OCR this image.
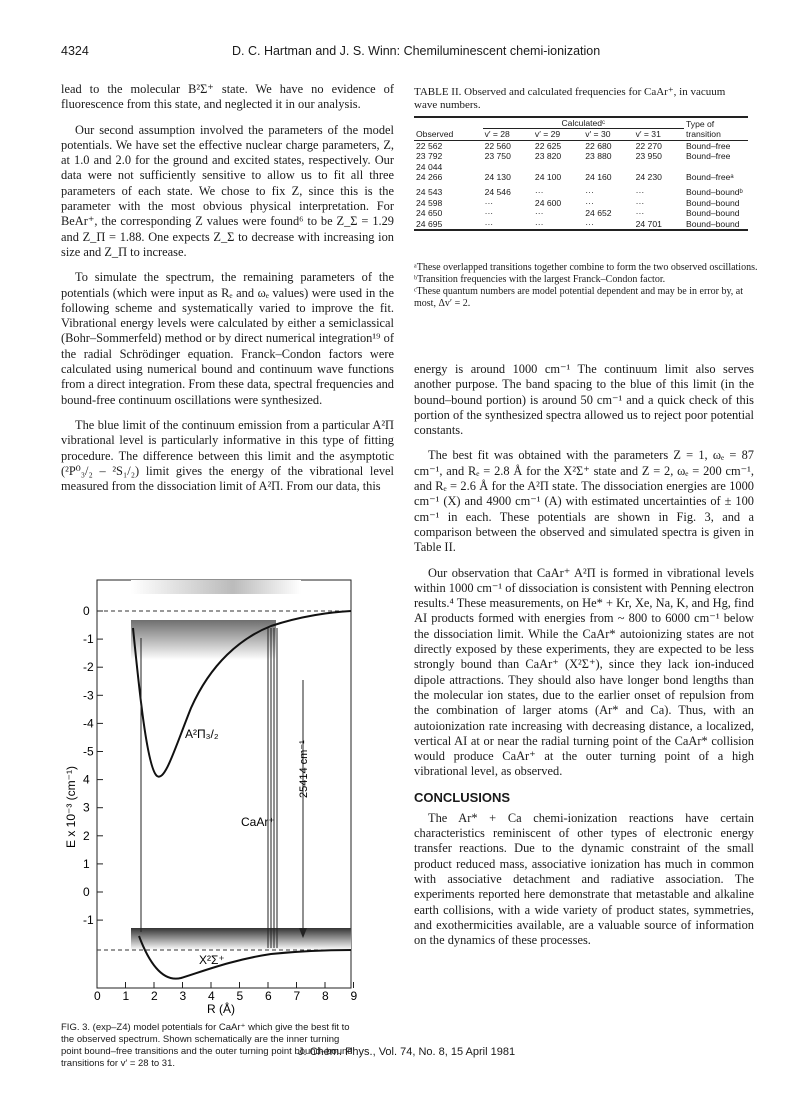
4324	D. C. Hartman and J. S. Winn: Chemiluminescent chemi-ionization

lead to the molecular B²Σ⁺ state. We have no evidence of fluorescence from this state, and neglected it in our analysis.

Our second assumption involved the parameters of the model potentials. We have set the effective nuclear charge parameters, Z, at 1.0 and 2.0 for the ground and excited states, respectively. Our data were not sufficiently sensitive to allow us to fit all three parameters of each state. We chose to fix Z, since this is the parameter with the most obvious physical interpretation. For BeAr⁺, the corresponding Z values were found⁶ to be Z_Σ = 1.29 and Z_Π = 1.88. One expects Z_Σ to decrease with increasing ion size and Z_Π to increase.

To simulate the spectrum, the remaining parameters of the potentials (which were input as Rₑ and ωₑ values) were used in the following scheme and systematically varied to improve the fit. Vibrational energy levels were calculated by either a semiclassical (Bohr–Sommerfeld) method or by direct numerical integration¹⁹ of the radial Schrödinger equation. Franck–Condon factors were calculated using numerical bound and continuum wave functions from a direct integration. From these data, spectral frequencies and bound-free continuum oscillations were synthesized.

The blue limit of the continuum emission from a particular A²Π vibrational level is particularly informative in this type of fitting procedure. The difference between this limit and the asymptotic (²P⁰₃/₂ – ²S₁/₂) limit gives the energy of the vibrational level measured from the dissociation limit of A²Π. From our data, this

TABLE II. Observed and calculated frequencies for CaAr⁺, in vacuum wave numbers.
Observed	Calculatedᶜ				Type of transition
	v′ = 28	v′ = 29	v′ = 30	v′ = 31	
22 562	22 560	22 625	22 680	22 270	Bound–free
23 792	23 750	23 820	23 880	23 950	Bound–free
24 044					
24 266	24 130	24 100	24 160	24 230	Bound–freeᵃ
24 543	24 546	···	···	···	Bound–boundᵇ
24 598	···	24 600	···	···	Bound–bound
24 650	···	···	24 652	···	Bound–bound
24 695	···	···	···	24 701	Bound–bound

ᵃThese overlapped transitions together combine to form the two observed oscillations.
ᵇTransition frequencies with the largest Franck–Condon factor.
ᶜThese quantum numbers are model potential dependent and may be in error by, at most, Δv′ = 2.

energy is around 1000 cm⁻¹ The continuum limit also serves another purpose. The band spacing to the blue of this limit (in the bound–bound portion) is around 50 cm⁻¹ and a quick check of this portion of the synthesized spectra allowed us to reject poor potential constants.

The best fit was obtained with the parameters Z = 1, ωₑ = 87 cm⁻¹, and Rₑ = 2.8 Å for the X²Σ⁺ state and Z = 2, ωₑ = 200 cm⁻¹, and Rₑ = 2.6 Å for the A²Π state. The dissociation energies are 1000 cm⁻¹ (X) and 4900 cm⁻¹ (A) with estimated uncertainties of ± 100 cm⁻¹ in each. These potentials are shown in Fig. 3, and a comparison between the observed and simulated spectra is given in Table II.

Our observation that CaAr⁺ A²Π is formed in vibrational levels within 1000 cm⁻¹ of dissociation is consistent with Penning electron results.⁴ These measurements, on He* + Kr, Xe, Na, K, and Hg, find AI products formed with energies from ~ 800 to 6000 cm⁻¹ below the dissociation limit. While the CaAr* autoionizing states are not directly exposed by these experiments, they are expected to be less strongly bound than CaAr⁺ (X²Σ⁺), since they lack ion-induced dipole attractions. They should also have longer bond lengths than the molecular ion states, due to the earlier onset of repulsion from the combination of larger atoms (Ar* and Ca). Thus, with an autoionization rate increasing with decreasing distance, a localized, vertical AI at or near the radial turning point of the CaAr* collision would produce CaAr⁺ at the outer turning point of a high vibrational level, as observed.

CONCLUSIONS

The Ar* + Ca chemi-ionization reactions have certain characteristics reminiscent of other types of electronic energy transfer reactions. Due to the dynamic constraint of the small product reduced mass, associative ionization has much in common with associative detachment and radiative association. The experiments reported here demonstrate that metastable and alkaline earth collisions, with a wide variety of product states, symmetries, and exothermicities available, are a valuable source of information on the dynamics of these processes.

A²Π₃/₂
X²Σ⁺
CaAr⁺
25414 cm⁻¹
E x 10⁻³ (cm⁻¹)
R (Å)
0 1 2 3 4 5 6 7 8 9
0
-1
-2
-3
-4
-5
4
3
2
1
0
-1
FIG. 3. (exp–Z4) model potentials for CaAr⁺ which give the best fit to the observed spectrum. Shown schematically are the inner turning point bound–free transitions and the outer turning point bound–bound transitions for v′ = 28 to 31.
J. Chem. Phys., Vol. 74, No. 8, 15 April 1981
